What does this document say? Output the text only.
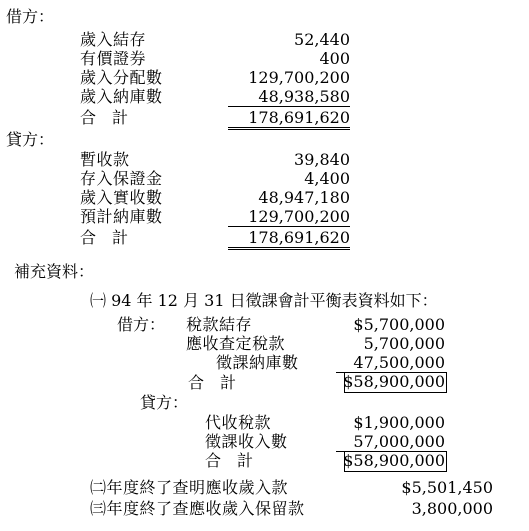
借方：
歲入結存	52,440
有價證券	400
歲入分配數	129,700,200
歲入納庫數	48,938,580
合　計	178,691,620
貸方：
暫收款	39,840
存入保證金	4,400
歲入實收數	48,947,180
預計納庫數	129,700,200
合　計	178,691,620
補充資料：
㈠ 94 年 12 月 31 日徵課會計平衡表資料如下：
借方： 稅款結存	$5,700,000
應收查定稅款	5,700,000
徵課納庫數	47,500,000
合　計	$58,900,000
貸方：
代收稅款	$1,900,000
徵課收入數	57,000,000
合　計	$58,900,000
㈡年度終了查明應收歲入款	$5,501,450
㈢年度終了查應收歲入保留款	3,800,000
